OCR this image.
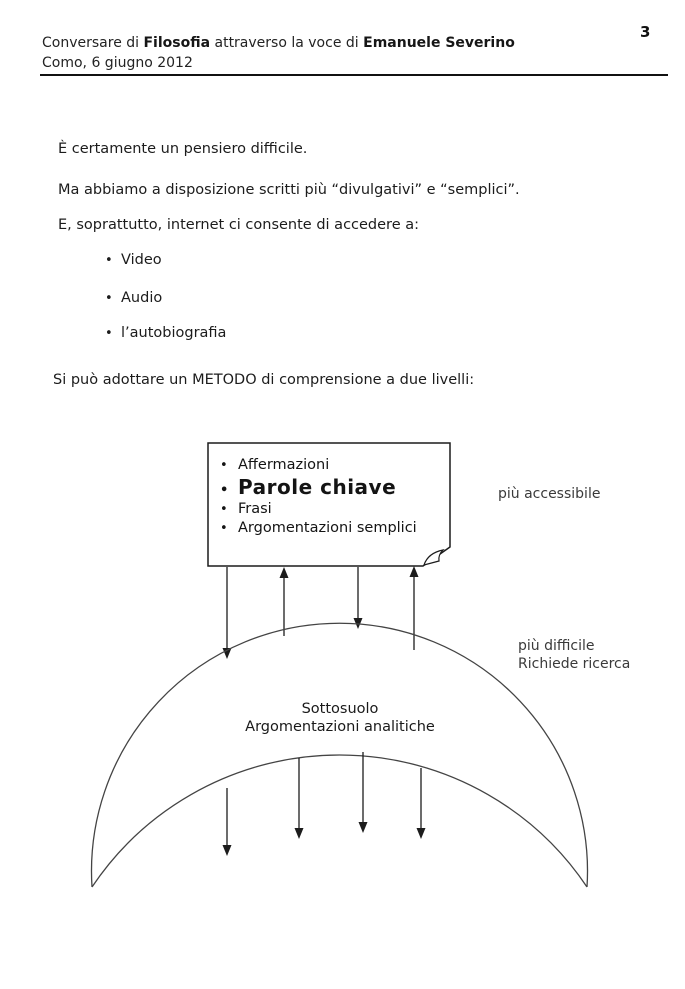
Conversare di Filosofia attraverso la voce di Emanuele Severino
Como, 6 giugno 2012
3
È certamente un pensiero difficile.
Ma abbiamo a disposizione scritti più “divulgativi” e “semplici”.
E, soprattutto, internet ci consente di accedere a:
• Video
• Audio
• l’autobiografia
Si può adottare un METODO di comprensione a due livelli:
• Affermazioni
• Parole chiave
• Frasi
• Argomentazioni semplici
più accessibile
più difficile
Richiede ricerca
Sottosuolo
Argomentazioni analitiche
